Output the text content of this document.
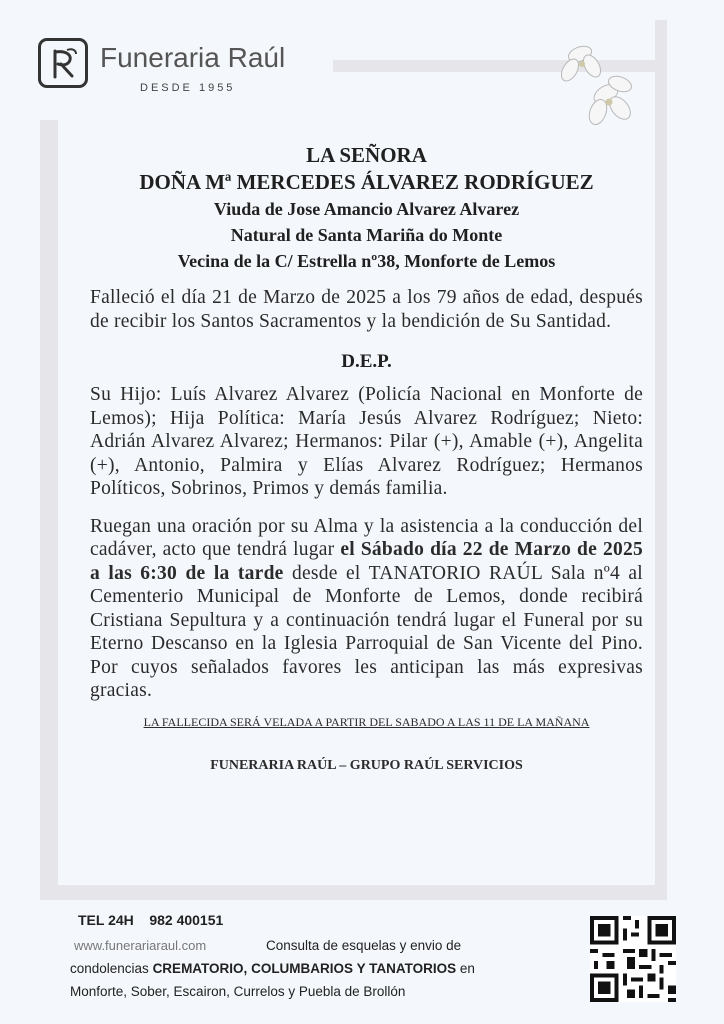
Funeraria Raúl
DESDE 1955
LA SEÑORA
DOÑA Mª MERCEDES ÁLVAREZ RODRÍGUEZ
Viuda de Jose Amancio Alvarez Alvarez
Natural de Santa Mariña do Monte
Vecina de la C/ Estrella nº38, Monforte de Lemos

Falleció el día 21 de Marzo de 2025 a los 79 años de edad, después de recibir los Santos Sacramentos y la bendición de Su Santidad.

D.E.P.

Su Hijo: Luís Alvarez Alvarez (Policía Nacional en Monforte de Lemos); Hija Política: María Jesús Alvarez Rodríguez; Nieto: Adrián Alvarez Alvarez; Hermanos: Pilar (+), Amable (+), Angelita (+), Antonio, Palmira y Elías Alvarez Rodríguez; Hermanos Políticos, Sobrinos, Primos y demás familia.

Ruegan una oración por su Alma y la asistencia a la conducción del cadáver, acto que tendrá lugar el Sábado día 22 de Marzo de 2025 a las 6:30 de la tarde desde el TANATORIO RAÚL Sala nº4 al Cementerio Municipal de Monforte de Lemos, donde recibirá Cristiana Sepultura y a continuación tendrá lugar el Funeral por su Eterno Descanso en la Iglesia Parroquial de San Vicente del Pino. Por cuyos señalados favores les anticipan las más expresivas gracias.

LA FALLECIDA SERÁ VELADA A PARTIR DEL SABADO A LAS 11 DE LA MAÑANA
FUNERARIA RAÚL – GRUPO RAÚL SERVICIOS
TEL 24H 982 400151
www.funerariaraul.com	Consulta de esquelas y envio de
condolencias CREMATORIO, COLUMBARIOS Y TANATORIOS en
Monforte, Sober, Escairon, Currelos y Puebla de Brollón
